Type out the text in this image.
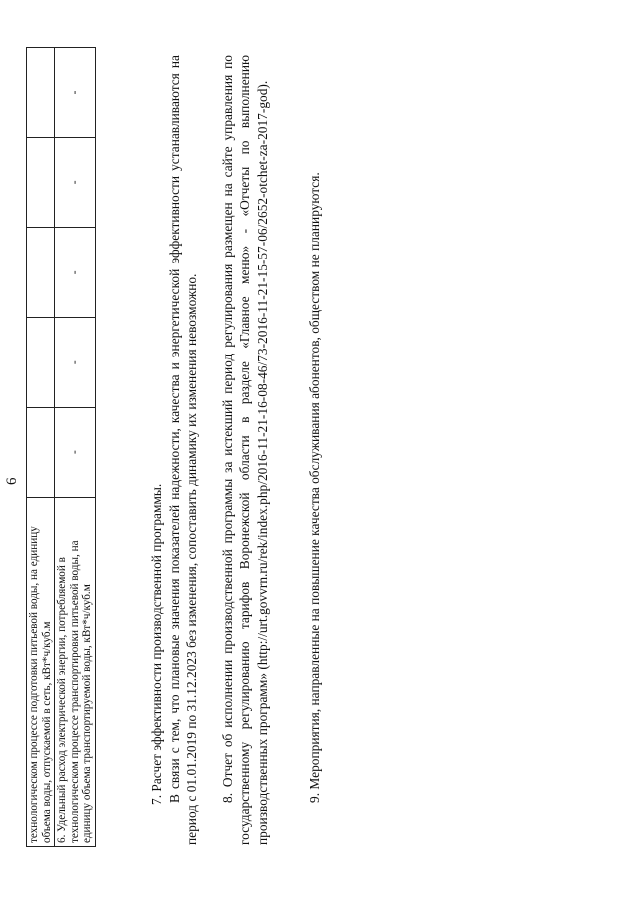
6
технологическом процессе подготовки питьевой воды, на единицу объема воды, отпускаемой в сеть, кВт*ч/куб.м					
6. Удельный расход электрической энергии, потребляемой в технологическом процессе транспортировки питьевой воды, на единицу объема транспортируемой воды, кВт*ч/куб.м	-	-	-	-	-

7. Расчет эффективности производственной программы. В связи с тем, что плановые значения показателей надежности, качества и энергетической эффективности устанавливаются на период с 01.01.2019 по 31.12.2023 без изменения, сопоставить динамику их изменения невозможно. 8. Отчет об исполнении производственной программы за истекший период регулирования размещен на сайте управления по государственному регулированию тарифов Воронежской области в разделе «Главное меню» - «Отчеты по выполнению производственных программ» (http://urt.govvrn.ru/rek/index.php/2016-11-21-16-08-46/73-2016-11-21-15-57-06/2652-otchet-za-2017-god).	9. Мероприятия, направленные на повышение качества обслуживания абонентов, обществом не планируются.
